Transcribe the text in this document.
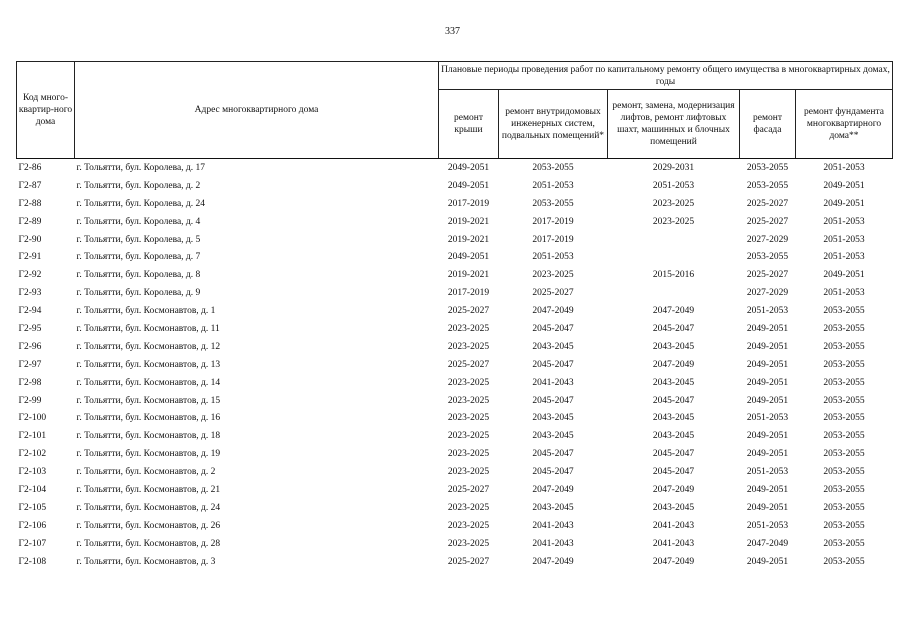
337
Код много-квартир-ного дома	Адрес многоквартирного дома	Плановые периоды проведения работ по капитальному ремонту общего имущества в многоквартирных домах, годы				
		ремонт крыши	ремонт внутридомовых инженерных систем, подвальных помещений*	ремонт, замена, модернизация лифтов, ремонт лифтовых шахт, машинных и блочных помещений	ремонт фасада	ремонт фундамента многоквартирного дома**
Г2-86	г. Тольятти, бул. Королева, д. 17	2049-2051	2053-2055	2029-2031	2053-2055	2051-2053
Г2-87	г. Тольятти, бул. Королева, д. 2	2049-2051	2051-2053	2051-2053	2053-2055	2049-2051
Г2-88	г. Тольятти, бул. Королева, д. 24	2017-2019	2053-2055	2023-2025	2025-2027	2049-2051
Г2-89	г. Тольятти, бул. Королева, д. 4	2019-2021	2017-2019	2023-2025	2025-2027	2051-2053
Г2-90	г. Тольятти, бул. Королева, д. 5	2019-2021	2017-2019		2027-2029	2051-2053
Г2-91	г. Тольятти, бул. Королева, д. 7	2049-2051	2051-2053		2053-2055	2051-2053
Г2-92	г. Тольятти, бул. Королева, д. 8	2019-2021	2023-2025	2015-2016	2025-2027	2049-2051
Г2-93	г. Тольятти, бул. Королева, д. 9	2017-2019	2025-2027		2027-2029	2051-2053
Г2-94	г. Тольятти, бул. Космонавтов, д. 1	2025-2027	2047-2049	2047-2049	2051-2053	2053-2055
Г2-95	г. Тольятти, бул. Космонавтов, д. 11	2023-2025	2045-2047	2045-2047	2049-2051	2053-2055
Г2-96	г. Тольятти, бул. Космонавтов, д. 12	2023-2025	2043-2045	2043-2045	2049-2051	2053-2055
Г2-97	г. Тольятти, бул. Космонавтов, д. 13	2025-2027	2045-2047	2047-2049	2049-2051	2053-2055
Г2-98	г. Тольятти, бул. Космонавтов, д. 14	2023-2025	2041-2043	2043-2045	2049-2051	2053-2055
Г2-99	г. Тольятти, бул. Космонавтов, д. 15	2023-2025	2045-2047	2045-2047	2049-2051	2053-2055
Г2-100	г. Тольятти, бул. Космонавтов, д. 16	2023-2025	2043-2045	2043-2045	2051-2053	2053-2055
Г2-101	г. Тольятти, бул. Космонавтов, д. 18	2023-2025	2043-2045	2043-2045	2049-2051	2053-2055
Г2-102	г. Тольятти, бул. Космонавтов, д. 19	2023-2025	2045-2047	2045-2047	2049-2051	2053-2055
Г2-103	г. Тольятти, бул. Космонавтов, д. 2	2023-2025	2045-2047	2045-2047	2051-2053	2053-2055
Г2-104	г. Тольятти, бул. Космонавтов, д. 21	2025-2027	2047-2049	2047-2049	2049-2051	2053-2055
Г2-105	г. Тольятти, бул. Космонавтов, д. 24	2023-2025	2043-2045	2043-2045	2049-2051	2053-2055
Г2-106	г. Тольятти, бул. Космонавтов, д. 26	2023-2025	2041-2043	2041-2043	2051-2053	2053-2055
Г2-107	г. Тольятти, бул. Космонавтов, д. 28	2023-2025	2041-2043	2041-2043	2047-2049	2053-2055
Г2-108	г. Тольятти, бул. Космонавтов, д. 3	2025-2027	2047-2049	2047-2049	2049-2051	2053-2055
